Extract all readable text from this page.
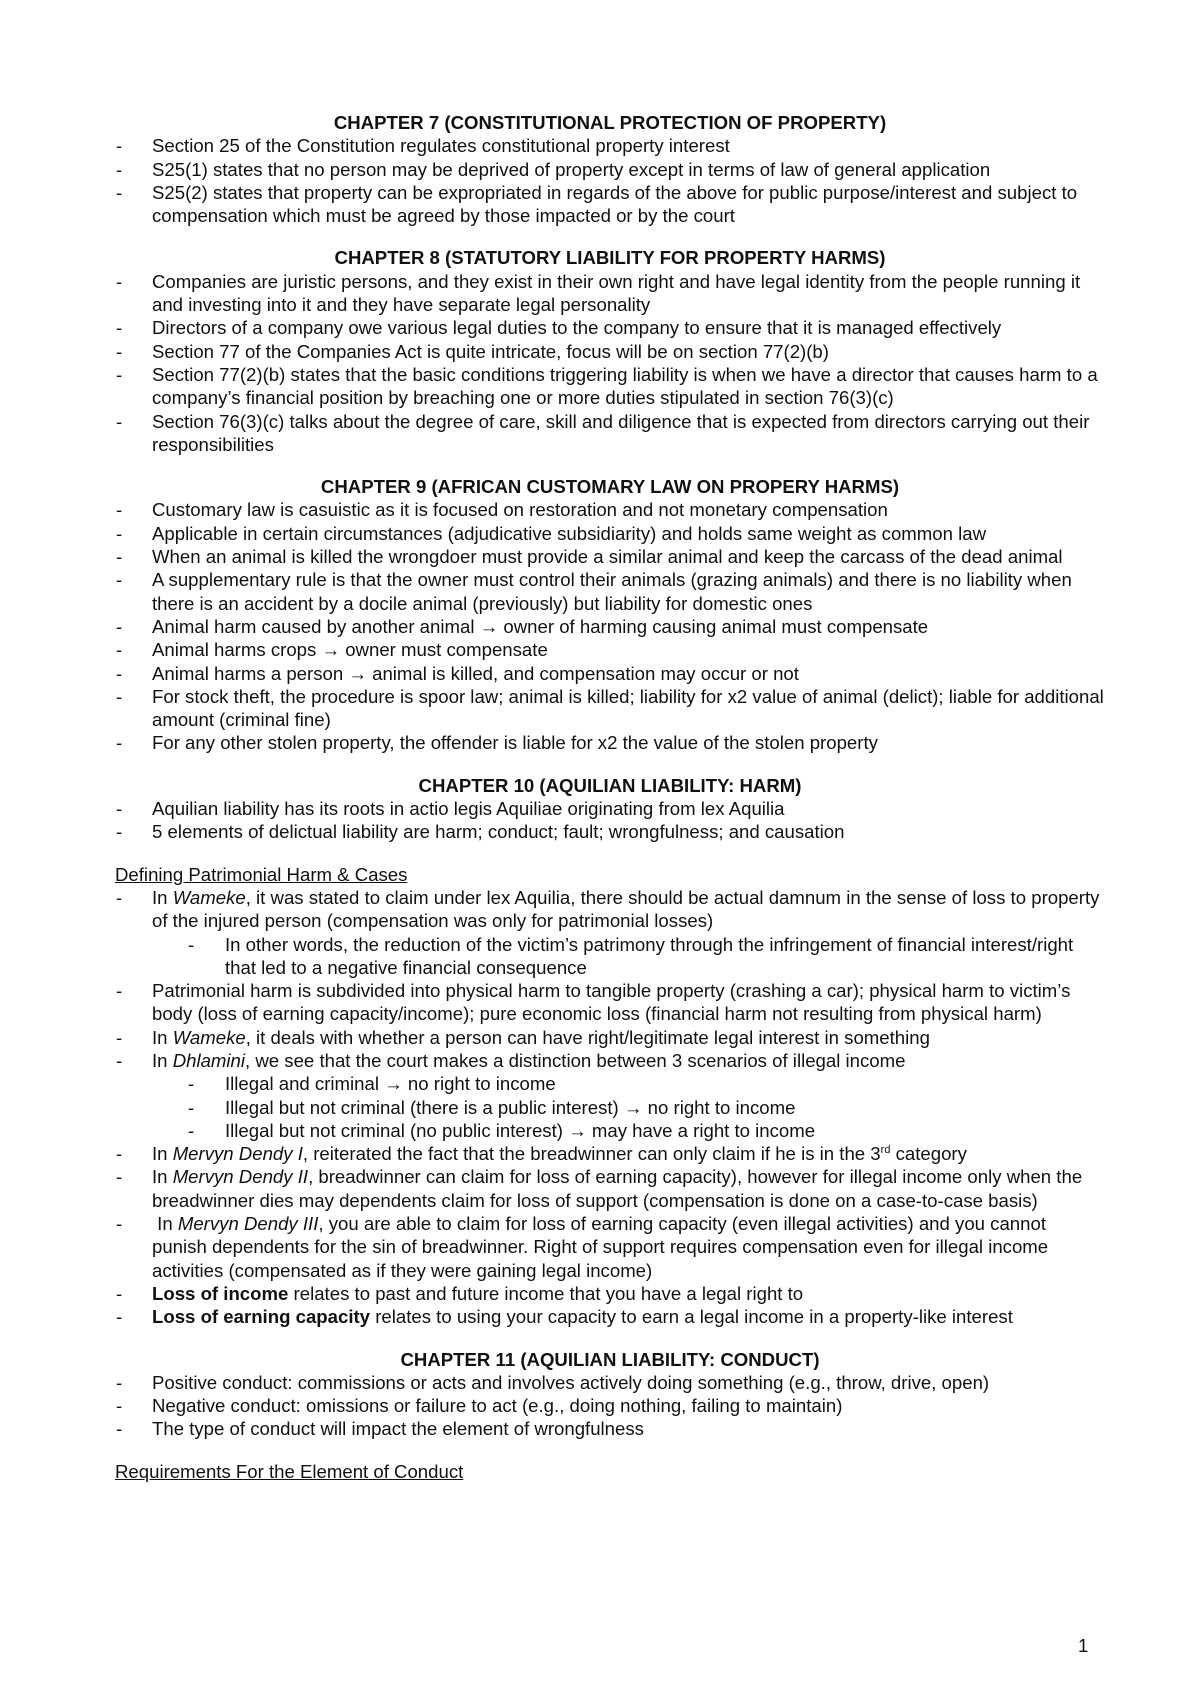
CHAPTER 7 (CONSTITUTIONAL PROTECTION OF PROPERTY)

- Section 25 of the Constitution regulates constitutional property interest

- S25(1) states that no person may be deprived of property except in terms of law of general application

- S25(2) states that property can be expropriated in regards of the above for public purpose/interest and subject to compensation which must be agreed by those impacted or by the court

CHAPTER 8 (STATUTORY LIABILITY FOR PROPERTY HARMS)

- Companies are juristic persons, and they exist in their own right and have legal identity from the people running it and investing into it and they have separate legal personality

- Directors of a company owe various legal duties to the company to ensure that it is managed effectively

- Section 77 of the Companies Act is quite intricate, focus will be on section 77(2)(b)

- Section 77(2)(b) states that the basic conditions triggering liability is when we have a director that causes harm to a company’s financial position by breaching one or more duties stipulated in section 76(3)(c)

- Section 76(3)(c) talks about the degree of care, skill and diligence that is expected from directors carrying out their responsibilities

CHAPTER 9 (AFRICAN CUSTOMARY LAW ON PROPERY HARMS)

- Customary law is casuistic as it is focused on restoration and not monetary compensation

- Applicable in certain circumstances (adjudicative subsidiarity) and holds same weight as common law

- When an animal is killed the wrongdoer must provide a similar animal and keep the carcass of the dead animal

- A supplementary rule is that the owner must control their animals (grazing animals) and there is no liability when there is an accident by a docile animal (previously) but liability for domestic ones

- Animal harm caused by another animal → owner of harming causing animal must compensate

- Animal harms crops → owner must compensate

- Animal harms a person → animal is killed, and compensation may occur or not

- For stock theft, the procedure is spoor law; animal is killed; liability for x2 value of animal (delict); liable for additional amount (criminal fine)

- For any other stolen property, the offender is liable for x2 the value of the stolen property

CHAPTER 10 (AQUILIAN LIABILITY: HARM)

- Aquilian liability has its roots in actio legis Aquiliae originating from lex Aquilia

- 5 elements of delictual liability are harm; conduct; fault; wrongfulness; and causation

Defining Patrimonial Harm & Cases

- In Wameke, it was stated to claim under lex Aquilia, there should be actual damnum in the sense of loss to property of the injured person (compensation was only for patrimonial losses)

- In other words, the reduction of the victim’s patrimony through the infringement of financial interest/right that led to a negative financial consequence

- Patrimonial harm is subdivided into physical harm to tangible property (crashing a car); physical harm to victim’s body (loss of earning capacity/income); pure economic loss (financial harm not resulting from physical harm)

- In Wameke, it deals with whether a person can have right/legitimate legal interest in something

- In Dhlamini, we see that the court makes a distinction between 3 scenarios of illegal income

- Illegal and criminal → no right to income

- Illegal but not criminal (there is a public interest) → no right to income

- Illegal but not criminal (no public interest) → may have a right to income

- In Mervyn Dendy I, reiterated the fact that the breadwinner can only claim if he is in the 3rd category

- In Mervyn Dendy II, breadwinner can claim for loss of earning capacity), however for illegal income only when the breadwinner dies may dependents claim for loss of support (compensation is done on a case-to-case basis)

- In Mervyn Dendy III, you are able to claim for loss of earning capacity (even illegal activities) and you cannot punish dependents for the sin of breadwinner. Right of support requires compensation even for illegal income activities (compensated as if they were gaining legal income)

- Loss of income relates to past and future income that you have a legal right to

- Loss of earning capacity relates to using your capacity to earn a legal income in a property-like interest

CHAPTER 11 (AQUILIAN LIABILITY: CONDUCT)

- Positive conduct: commissions or acts and involves actively doing something (e.g., throw, drive, open)

- Negative conduct: omissions or failure to act (e.g., doing nothing, failing to maintain)

- The type of conduct will impact the element of wrongfulness

Requirements For the Element of Conduct

1
